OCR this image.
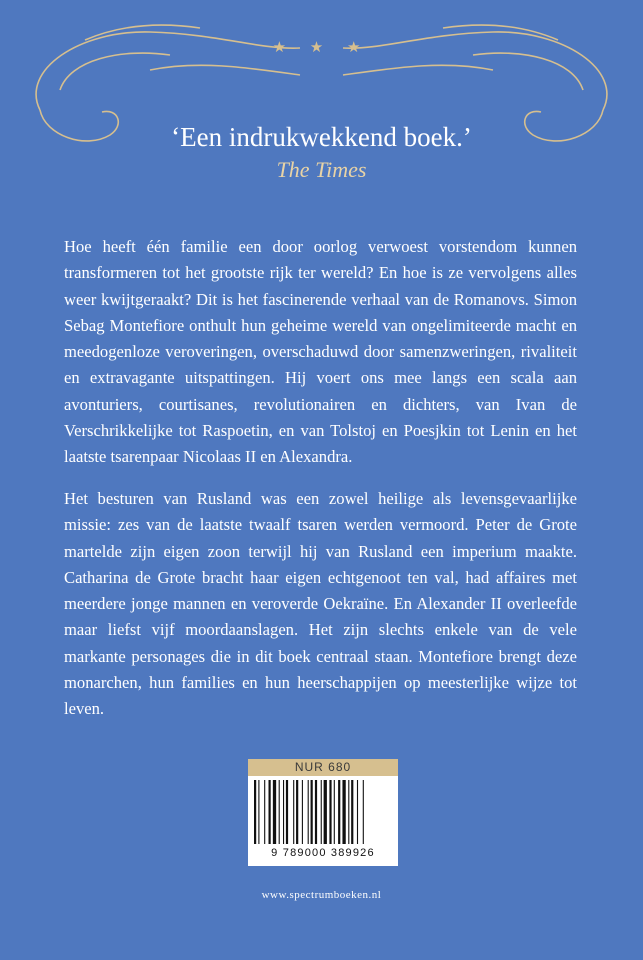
★ ★ ★
‘Een indrukwekkend boek.’
The Times
Hoe heeft één familie een door oorlog verwoest vorstendom kunnen transformeren tot het grootste rijk ter wereld? En hoe is ze vervolgens alles weer kwijtgeraakt? Dit is het fascinerende verhaal van de Romanovs. Simon Sebag Montefiore onthult hun geheime wereld van ongelimiteerde macht en meedogenloze veroveringen, overschaduwd door samenzweringen, rivaliteit en extravagante uitspattingen. Hij voert ons mee langs een scala aan avonturiers, courtisanes, revolutionairen en dichters, van Ivan de Verschrikkelijke tot Raspoetin, en van Tolstoj en Poesjkin tot Lenin en het laatste tsarenpaar Nicolaas II en Alexandra.
Het besturen van Rusland was een zowel heilige als levensgevaarlijke missie: zes van de laatste twaalf tsaren werden vermoord. Peter de Grote martelde zijn eigen zoon terwijl hij van Rusland een imperium maakte. Catharina de Grote bracht haar eigen echtgenoot ten val, had affaires met meerdere jonge mannen en veroverde Oekraïne. En Alexander II overleefde maar liefst vijf moordaanslagen. Het zijn slechts enkele van de vele markante personages die in dit boek centraal staan. Montefiore brengt deze monarchen, hun families en hun heerschappijen op meesterlijke wijze tot leven.
NUR 680
9 789000 389926
www.spectrumboeken.nl
